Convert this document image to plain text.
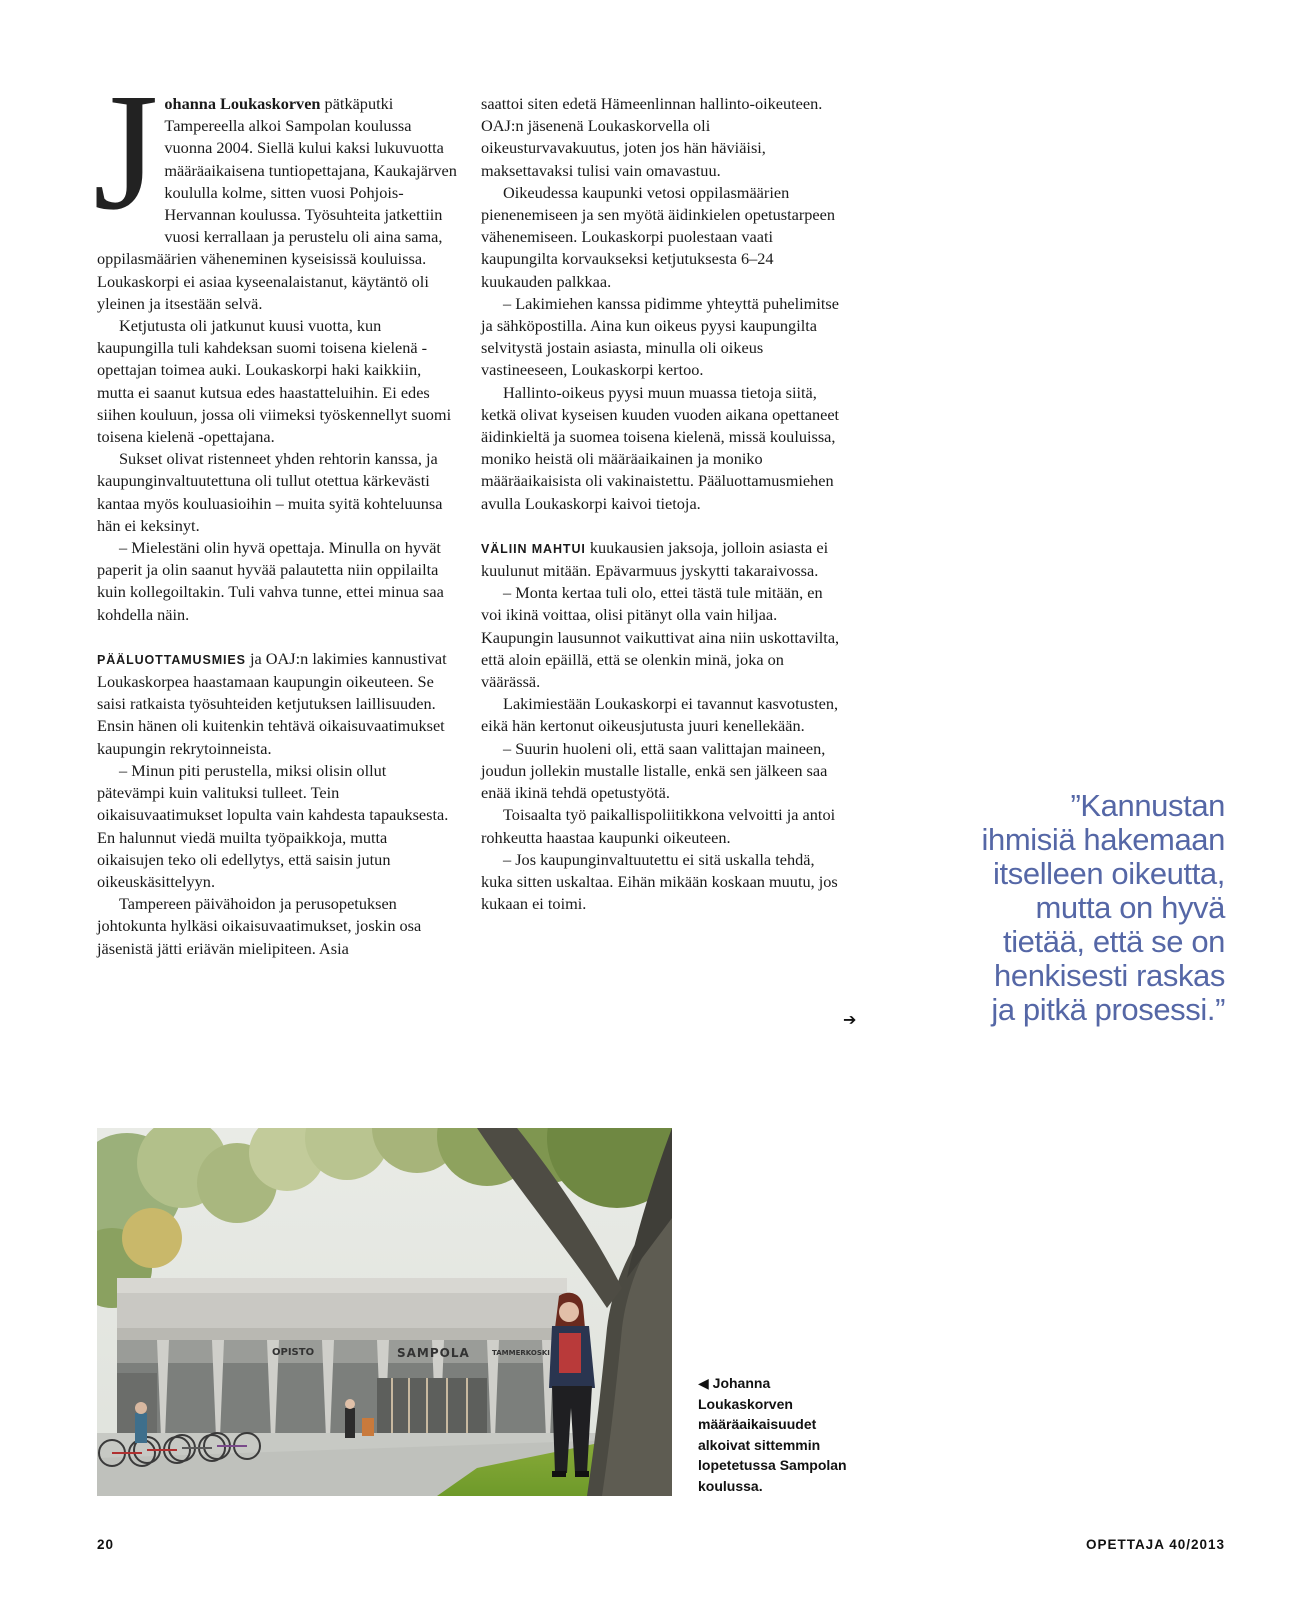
J ohanna Loukaskorven pätkäputki Tampereella alkoi Sampolan koulussa vuonna 2004. Siellä kului kaksi lukuvuotta määräaikaisena tuntiopettajana, Kaukajärven koululla kolme, sitten vuosi Pohjois-Hervannan koulussa. Työsuhteita jatkettiin vuosi kerrallaan ja perustelu oli aina sama, oppilasmäärien väheneminen kyseisissä kouluissa. Loukaskorpi ei asiaa kyseenalaistanut, käytäntö oli yleinen ja itsestään selvä.

Ketjutusta oli jatkunut kuusi vuotta, kun kaupungilla tuli kahdeksan suomi toisena kielenä -opettajan toimea auki. Loukaskorpi haki kaikkiin, mutta ei saanut kutsua edes haastatteluihin. Ei edes siihen kouluun, jossa oli viimeksi työskennellyt suomi toisena kielenä -opettajana.

Sukset olivat ristenneet yhden rehtorin kanssa, ja kaupunginvaltuutettuna oli tullut otettua kärkevästi kantaa myös kouluasioihin – muita syitä kohteluunsa hän ei keksinyt.

– Mielestäni olin hyvä opettaja. Minulla on hyvät paperit ja olin saanut hyvää palautetta niin oppilailta kuin kollegoiltakin. Tuli vahva tunne, ettei minua saa kohdella näin.

PÄÄLUOTTAMUSMIES ja OAJ:n lakimies kannustivat Loukaskorpea haastamaan kaupungin oikeuteen. Se saisi ratkaista työsuhteiden ketjutuksen laillisuuden. Ensin hänen oli kuitenkin tehtävä oikaisuvaatimukset kaupungin rekrytoinneista.

– Minun piti perustella, miksi olisin ollut pätevämpi kuin valituksi tulleet. Tein oikaisuvaatimukset lopulta vain kahdesta tapauksesta. En halunnut viedä muilta työpaikkoja, mutta oikaisujen teko oli edellytys, että saisin jutun oikeuskäsittelyyn.

Tampereen päivähoidon ja perusopetuksen johtokunta hylkäsi oikaisuvaatimukset, joskin osa jäsenistä jätti eriävän mielipiteen. Asia

saattoi siten edetä Hämeenlinnan hallinto-oikeuteen. OAJ:n jäsenenä Loukaskorvella oli oikeusturvavakuutus, joten jos hän häviäisi, maksettavaksi tulisi vain omavastuu.

Oikeudessa kaupunki vetosi oppilasmäärien pienenemiseen ja sen myötä äidinkielen opetustarpeen vähenemiseen. Loukaskorpi puolestaan vaati kaupungilta korvaukseksi ketjutuksesta 6–24 kuukauden palkkaa.

– Lakimiehen kanssa pidimme yhteyttä puhelimitse ja sähköpostilla. Aina kun oikeus pyysi kaupungilta selvitystä jostain asiasta, minulla oli oikeus vastineeseen, Loukaskorpi kertoo.

Hallinto-oikeus pyysi muun muassa tietoja siitä, ketkä olivat kyseisen kuuden vuoden aikana opettaneet äidinkieltä ja suomea toisena kielenä, missä kouluissa, moniko heistä oli määräaikainen ja moniko määräaikaisista oli vakinaistettu. Pääluottamusmiehen avulla Loukaskorpi kaivoi tietoja.

VÄLIIN MAHTUI kuukausien jaksoja, jolloin asiasta ei kuulunut mitään. Epävarmuus jyskytti takaraivossa.

– Monta kertaa tuli olo, ettei tästä tule mitään, en voi ikinä voittaa, olisi pitänyt olla vain hiljaa. Kaupungin lausunnot vaikuttivat aina niin uskottavilta, että aloin epäillä, että se olenkin minä, joka on väärässä.

Lakimiestään Loukaskorpi ei tavannut kasvotusten, eikä hän kertonut oikeusjutusta juuri kenellekään.

– Suurin huoleni oli, että saan valittajan maineen, joudun jollekin mustalle listalle, enkä sen jälkeen saa enää ikinä tehdä opetustyötä.

Toisaalta työ paikallispoliitikkona velvoitti ja antoi rohkeutta haastaa kaupunki oikeuteen.

– Jos kaupunginvaltuutettu ei sitä uskalla tehdä, kuka sitten uskaltaa. Eihän mikään koskaan muutu, jos kukaan ei toimi.

➔
”Kannustan
ihmisiä hakemaan
itselleen oikeutta,
mutta on hyvä
tietää, että se on
henkisesti raskas
ja pitkä prosessi.”
OPISTO	SAMPOLA	TAMMERKOSKI
◀ Johanna Loukaskorven määräaikaisuudet alkoivat sittemmin lopetetussa Sampolan koulussa.
20	OPETTAJA 40/2013
